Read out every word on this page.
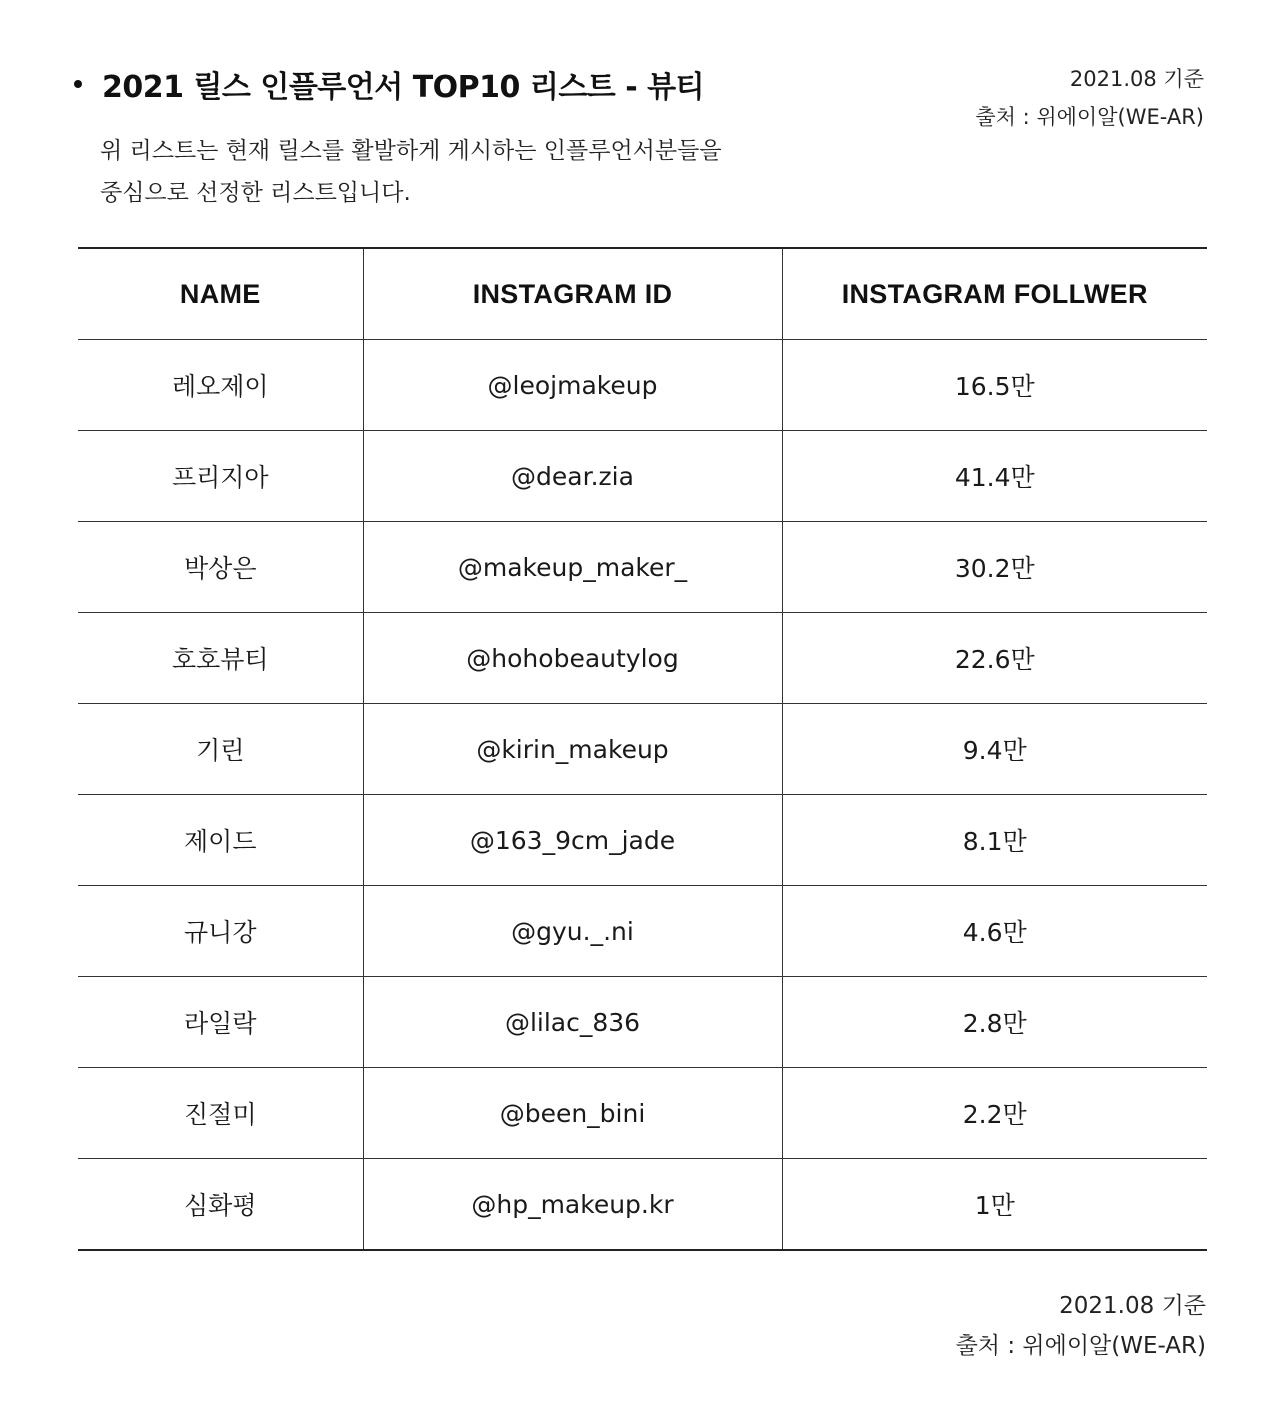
2021 릴스 인플루언서 TOP10 리스트 - 뷰티
위 리스트는 현재 릴스를 활발하게 게시하는 인플루언서분들을
중심으로 선정한 리스트입니다.
2021.08 기준
출처 : 위에이알(WE-AR)
NAME	INSTAGRAM ID	INSTAGRAM FOLLWER
레오제이	@leojmakeup	16.5만
프리지아	@dear.zia	41.4만
박상은	@makeup_maker_	30.2만
호호뷰티	@hohobeautylog	22.6만
기린	@kirin_makeup	9.4만
제이드	@163_9cm_jade	8.1만
규니강	@gyu._.ni	4.6만
라일락	@lilac_836	2.8만
진절미	@been_bini	2.2만
심화평	@hp_makeup.kr	1만
2021.08 기준
출처 : 위에이알(WE-AR)
